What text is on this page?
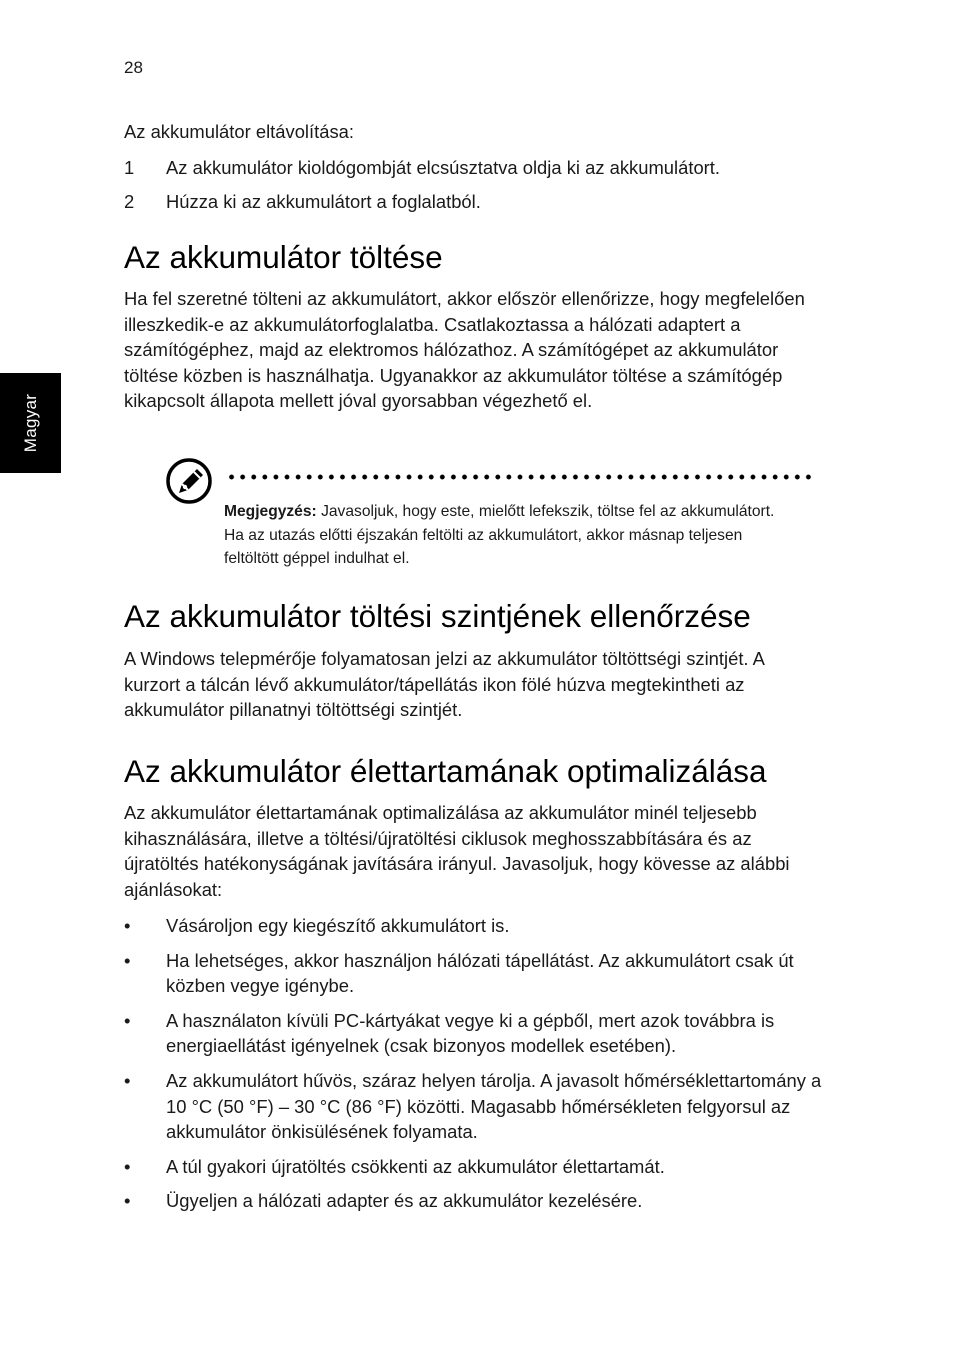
28
Magyar

Az akkumulátor eltávolítása:

1 Az akkumulátor kioldógombját elcsúsztatva oldja ki az akkumulátort.
2 Húzza ki az akkumulátort a foglalatból.
Az akkumulátor töltése

Ha fel szeretné tölteni az akkumulátort, akkor először ellenőrizze, hogy megfelelően illeszkedik-e az akkumulátorfoglalatba. Csatlakoztassa a hálózati adaptert a számítógéphez, majd az elektromos hálózathoz. A számítógépet az akkumulátor töltése közben is használhatja. Ugyanakkor az akkumulátor töltése a számítógép kikapcsolt állapota mellett jóval gyorsabban végezhető el.

Megjegyzés: Javasoljuk, hogy este, mielőtt lefekszik, töltse fel az akkumulátort. Ha az utazás előtti éjszakán feltölti az akkumulátort, akkor másnap teljesen feltöltött géppel indulhat el.

Az akkumulátor töltési szintjének ellenőrzése

A Windows telepmérője folyamatosan jelzi az akkumulátor töltöttségi szintjét. A kurzort a tálcán lévő akkumulátor/tápellátás ikon fölé húzva megtekintheti az akkumulátor pillanatnyi töltöttségi szintjét.

Az akkumulátor élettartamának optimalizálása

Az akkumulátor élettartamának optimalizálása az akkumulátor minél teljesebb kihasználására, illetve a töltési/újratöltési ciklusok meghosszabbítására és az újratöltés hatékonyságának javítására irányul. Javasoljuk, hogy kövesse az alábbi ajánlásokat:

• Vásároljon egy kiegészítő akkumulátort is.
• Ha lehetséges, akkor használjon hálózati tápellátást. Az akkumulátort csak út közben vegye igénybe.
• A használaton kívüli PC-kártyákat vegye ki a gépből, mert azok továbbra is energiaellátást igényelnek (csak bizonyos modellek esetében).
• Az akkumulátort hűvös, száraz helyen tárolja. A javasolt hőmérséklettartomány a 10 °C (50 °F) – 30 °C (86 °F) közötti. Magasabb hőmérsékleten felgyorsul az akkumulátor önkisülésének folyamata.
• A túl gyakori újratöltés csökkenti az akkumulátor élettartamát.
• Ügyeljen a hálózati adapter és az akkumulátor kezelésére.
